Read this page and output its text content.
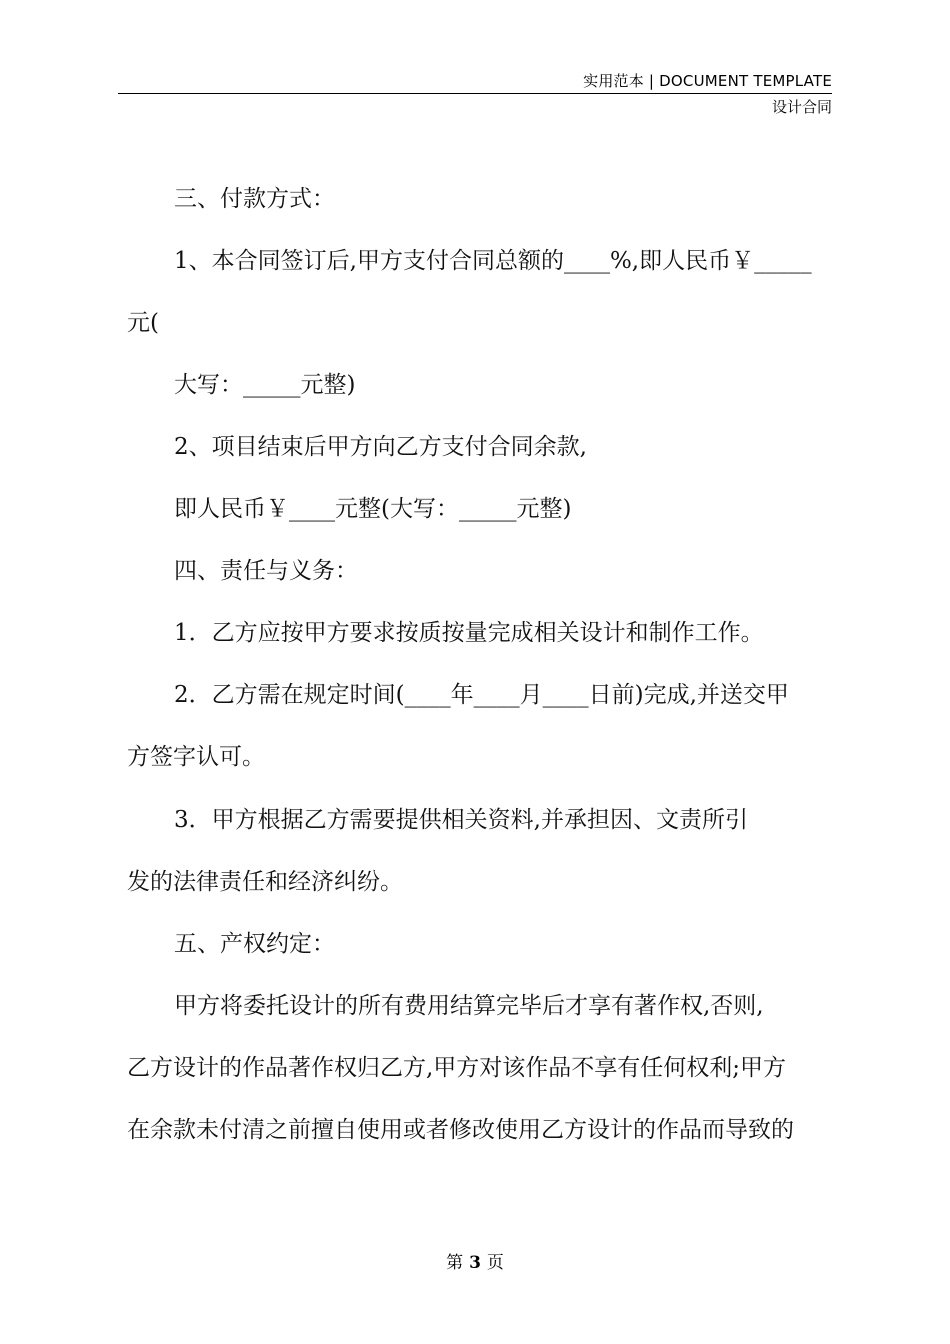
实用范本 | DOCUMENT TEMPLATE
设计合同
三、付款方式：
1、本合同签订后,甲方支付合同总额的____%,即人民币￥_____
元(
大写：_____元整)
2、项目结束后甲方向乙方支付合同余款,
即人民币￥____元整(大写：_____元整)
四、责任与义务：
1．乙方应按甲方要求按质按量完成相关设计和制作工作。
2．乙方需在规定时间(____年____月____日前)完成,并送交甲
方签字认可。
3．甲方根据乙方需要提供相关资料,并承担因、文责所引
发的法律责任和经济纠纷。
五、产权约定：
甲方将委托设计的所有费用结算完毕后才享有著作权,否则,
乙方设计的作品著作权归乙方,甲方对该作品不享有任何权利;甲方
在余款未付清之前擅自使用或者修改使用乙方设计的作品而导致的
第 3 页
